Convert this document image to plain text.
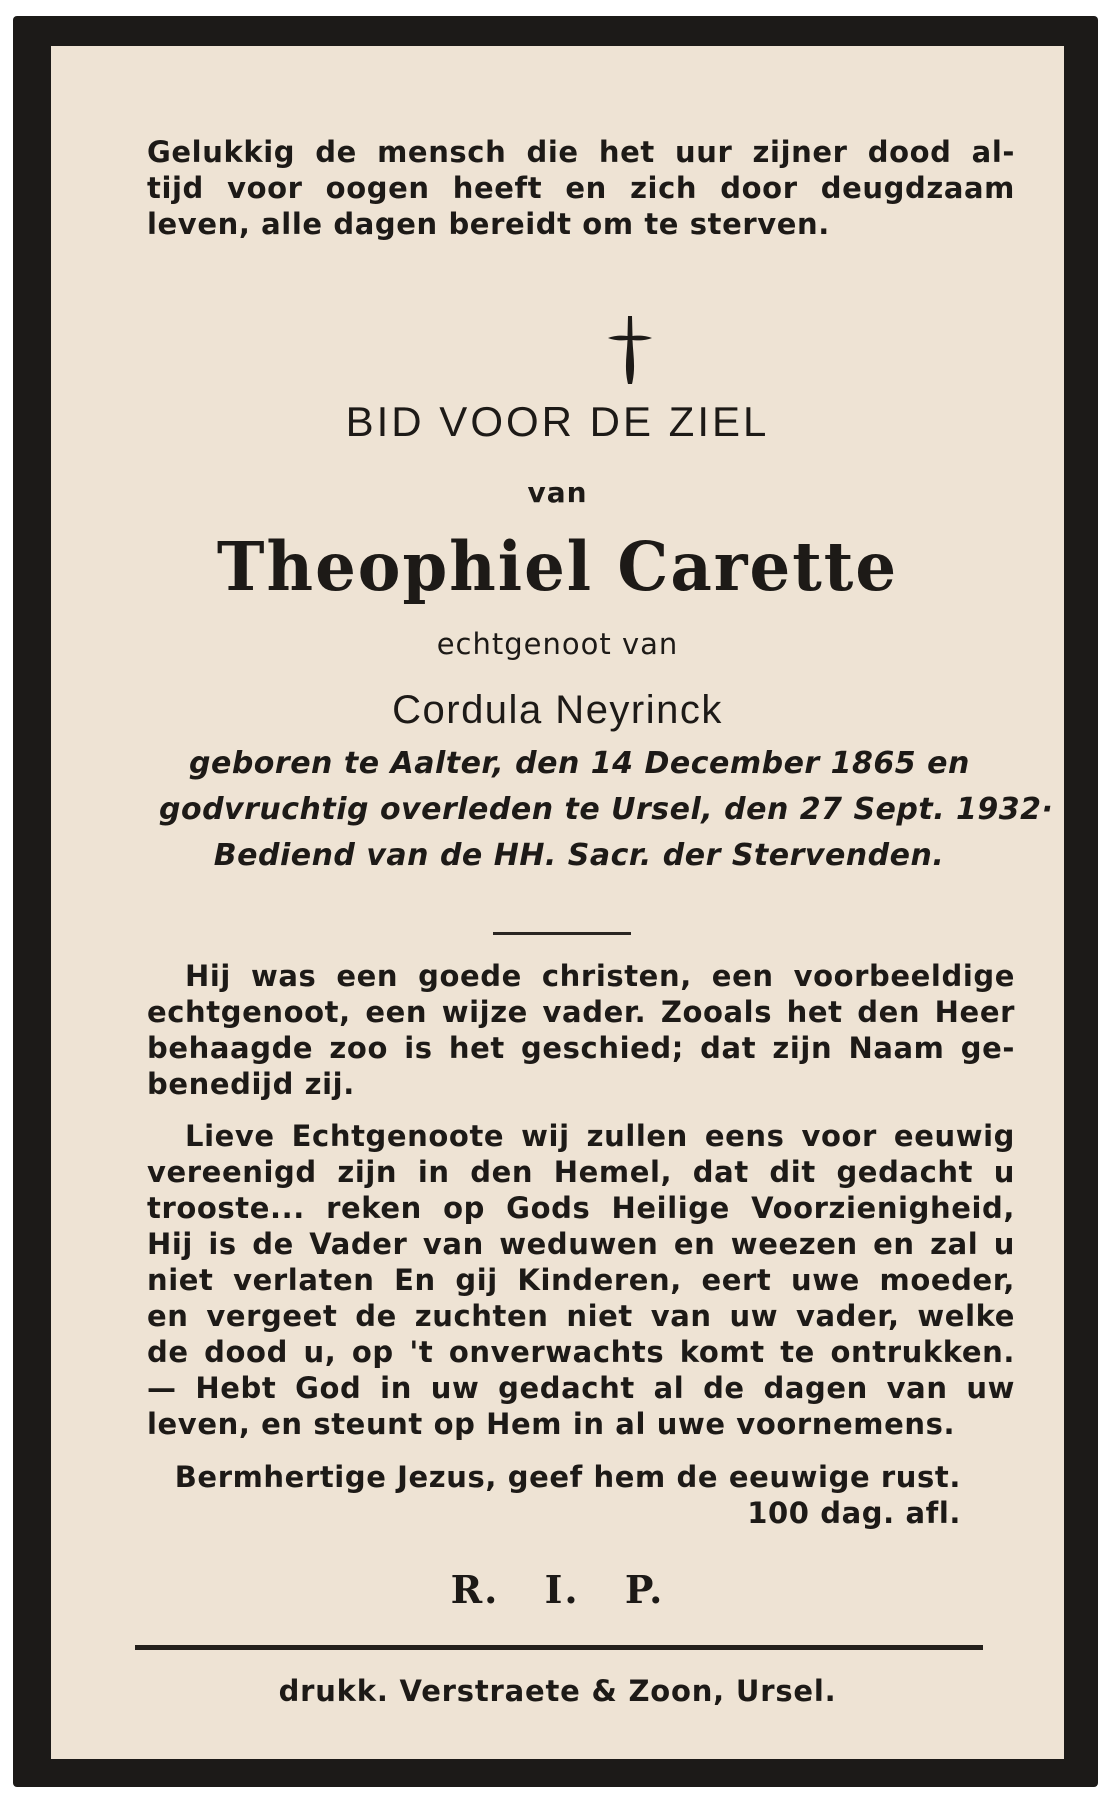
Gelukkig de mensch die het uur zijner dood al-

tijd voor oogen heeft en zich door deugdzaam

leven, alle dagen bereidt om te sterven.

BID VOOR DE ZIEL
van
Theophiel Carette
echtgenoot van
Cordula Neyrinck

geboren te Aalter, den 14 December 1865 en

godvruchtig overleden te Ursel, den 27 Sept. 1932·

Bediend van de HH. Sacr. der Stervenden.

Hij was een goede christen, een voorbeeldige

echtgenoot, een wijze vader. Zooals het den Heer

behaagde zoo is het geschied; dat zijn Naam ge-

benedijd zij.

Lieve Echtgenoote wij zullen eens voor eeuwig

vereenigd zijn in den Hemel, dat dit gedacht u

trooste... reken op Gods Heilige Voorzienigheid,

Hij is de Vader van weduwen en weezen en zal u

niet verlaten En gij Kinderen, eert uwe moeder,

en vergeet de zuchten niet van uw vader, welke

de dood u, op 't onverwachts komt te ontrukken.

— Hebt God in uw gedacht al de dagen van uw

leven, en steunt op Hem in al uwe voornemens.

Bermhertige Jezus, geef hem de eeuwige rust.
100 dag. afl.
R. I. P.
drukk. Verstraete & Zoon, Ursel.
